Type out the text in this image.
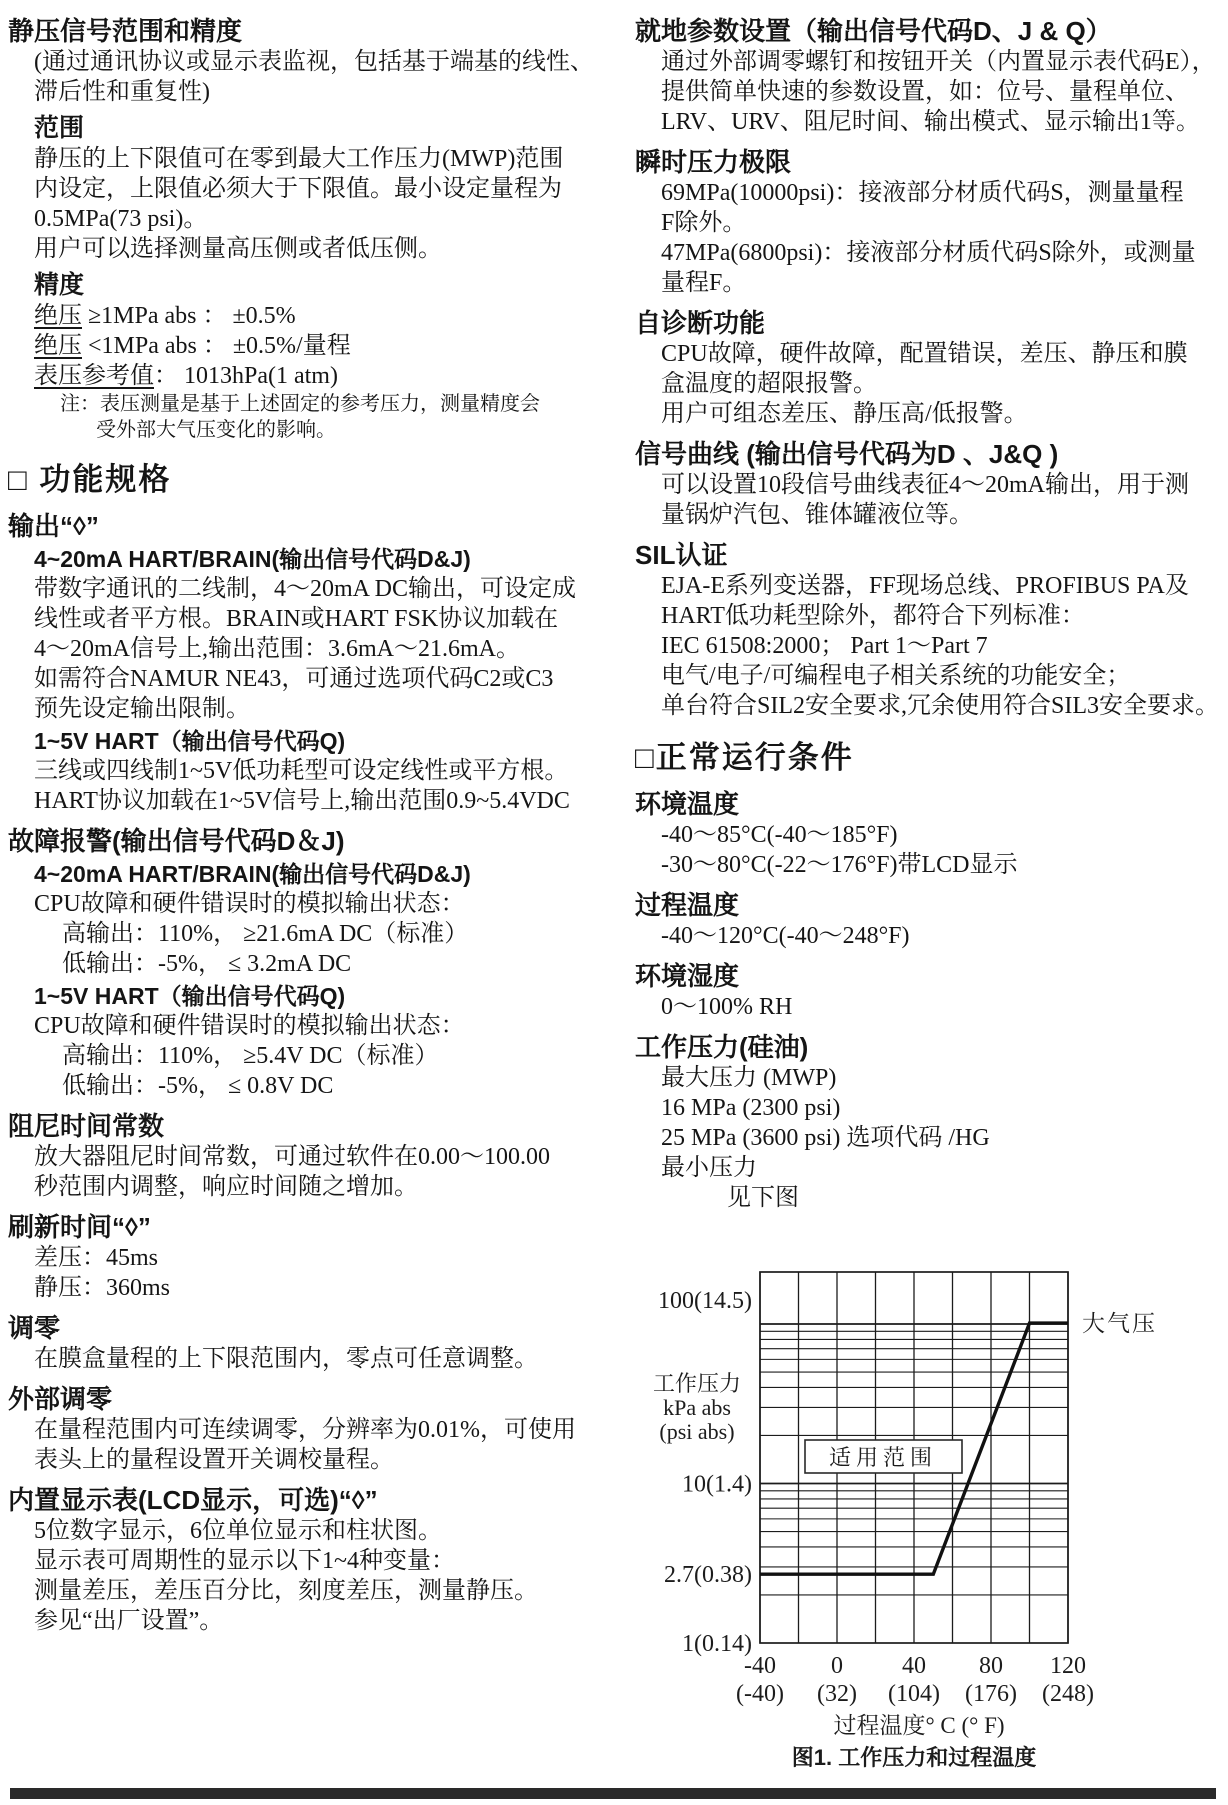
静压信号范围和精度
(通过通讯协议或显示表监视，包括基于端基的线性、
滞后性和重复性)
范围
静压的上下限值可在零到最大工作压力(MWP)范围
内设定，上限值必须大于下限值。最小设定量程为
0.5MPa(73 psi)。
用户可以选择测量高压侧或者低压侧。
精度
绝压 ≥1MPa abs ： ±0.5%
绝压 <1MPa abs ： ±0.5%/量程
表压参考值： 1013hPa(1 atm)
注：表压测量是基于上述固定的参考压力，测量精度会
受外部大气压变化的影响。
□ 功能规格
输出“◊”
4~20mA HART/BRAIN(输出信号代码D&J)
带数字通讯的二线制，4～20mA DC输出，可设定成
线性或者平方根。BRAIN或HART FSK协议加载在
4～20mA信号上,输出范围：3.6mA～21.6mA。
如需符合NAMUR NE43，可通过选项代码C2或C3
预先设定输出限制。
1~5V HART（输出信号代码Q)
三线或四线制1~5V低功耗型可设定线性或平方根。
HART协议加载在1~5V信号上,输出范围0.9~5.4VDC
故障报警(输出信号代码D＆J)
4~20mA HART/BRAIN(输出信号代码D&J)
CPU故障和硬件错误时的模拟输出状态：
高输出：110%， ≥21.6mA DC（标准）
低输出：-5%， ≤ 3.2mA DC
1~5V HART（输出信号代码Q)
CPU故障和硬件错误时的模拟输出状态：
高输出：110%， ≥5.4V DC（标准）
低输出：-5%， ≤ 0.8V DC
阻尼时间常数
放大器阻尼时间常数，可通过软件在0.00～100.00
秒范围内调整，响应时间随之增加。
刷新时间“◊”
差压：45ms
静压：360ms
调零
在膜盒量程的上下限范围内，零点可任意调整。
外部调零
在量程范围内可连续调零，分辨率为0.01%，可使用
表头上的量程设置开关调校量程。
内置显示表(LCD显示，可选)“◊”
5位数字显示，6位单位显示和柱状图。
显示表可周期性的显示以下1~4种变量：
测量差压，差压百分比，刻度差压，测量静压。
参见“出厂设置”。
就地参数设置（输出信号代码D、J & Q）
通过外部调零螺钉和按钮开关（内置显示表代码E），
提供简单快速的参数设置，如：位号、量程单位、
LRV、URV、阻尼时间、输出模式、显示输出1等。
瞬时压力极限
69MPa(10000psi)：接液部分材质代码S，测量量程
F除外。
47MPa(6800psi)：接液部分材质代码S除外，或测量
量程F。
自诊断功能
CPU故障，硬件故障，配置错误，差压、静压和膜
盒温度的超限报警。
用户可组态差压、静压高/低报警。
信号曲线 (输出信号代码为D 、J&Q )
可以设置10段信号曲线表征4～20mA输出，用于测
量锅炉汽包、锥体罐液位等。
SIL认证
EJA-E系列变送器，FF现场总线、PROFIBUS PA及
HART低功耗型除外，都符合下列标准：
IEC 61508:2000； Part 1～Part 7
电气/电子/可编程电子相关系统的功能安全；
单台符合SIL2安全要求,冗余使用符合SIL3安全要求。
□正常运行条件
环境温度
-40～85°C(-40～185°F)
-30～80°C(-22～176°F)带LCD显示
过程温度
-40～120°C(-40～248°F)
环境湿度
0～100% RH
工作压力(硅油)
最大压力 (MWP)
16 MPa (2300 psi)
25 MPa (3600 psi) 选项代码 /HG
最小压力
见下图
适用范围
大气压
100(14.5)
10(1.4)
2.7(0.38)
1(0.14)
工作压力
kPa abs
(psi abs)
-40
(-40)
0
(32)
40
(104)
80
(176)
120
(248)
过程温度° C (° F)
图1. 工作压力和过程温度
